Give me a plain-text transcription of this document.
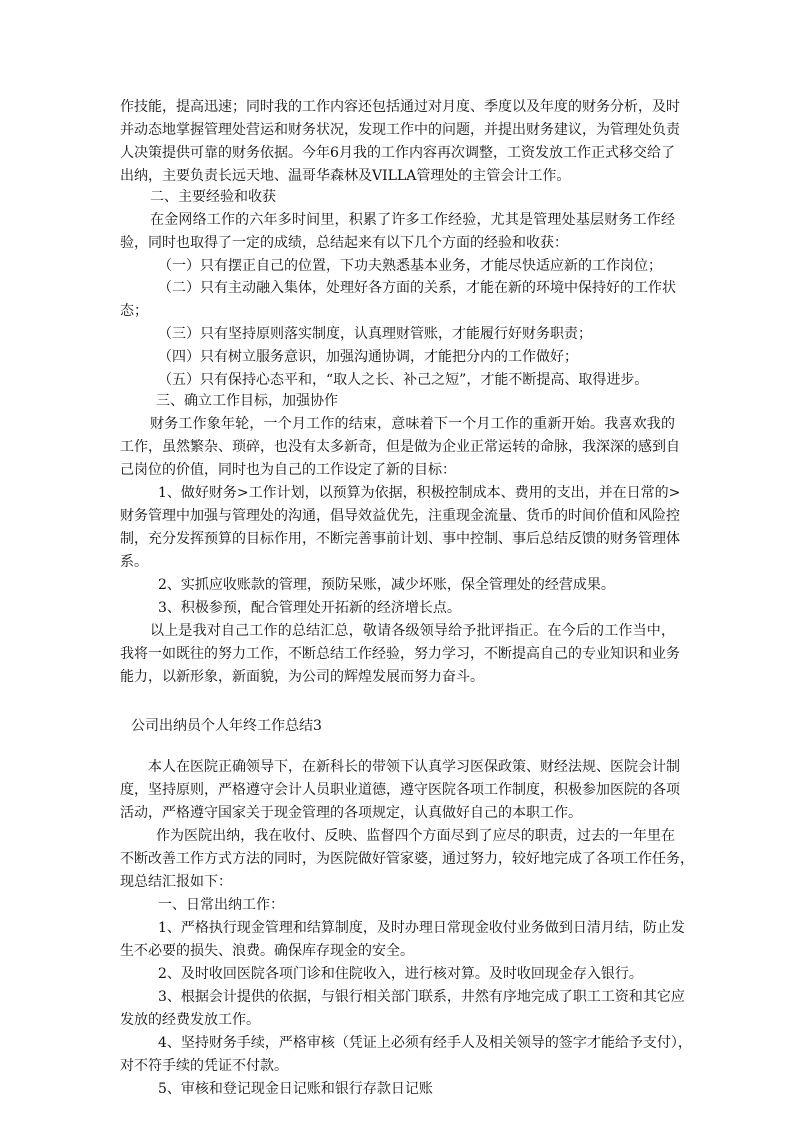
作技能，提高迅速；同时我的工作内容还包括通过对月度、季度以及年度的财务分析，及时
并动态地掌握管理处营运和财务状况，发现工作中的问题，并提出财务建议，为管理处负责
人决策提供可靠的财务依据。今年6月我的工作内容再次调整，工资发放工作正式移交给了
出纳，主要负责长远天地、温哥华森林及VILLA管理处的主管会计工作。
二、主要经验和收获
在金网络工作的六年多时间里，积累了许多工作经验，尤其是管理处基层财务工作经
验，同时也取得了一定的成绩，总结起来有以下几个方面的经验和收获：
（一）只有摆正自己的位置，下功夫熟悉基本业务，才能尽快适应新的工作岗位；
（二）只有主动融入集体，处理好各方面的关系，才能在新的环境中保持好的工作状
态；
（三）只有坚持原则落实制度，认真理财管账，才能履行好财务职责；
（四）只有树立服务意识，加强沟通协调，才能把分内的工作做好；
（五）只有保持心态平和，“取人之长、补己之短”，才能不断提高、取得进步。
三、确立工作目标，加强协作
财务工作象年轮，一个月工作的结束，意味着下一个月工作的重新开始。我喜欢我的
工作，虽然繁杂、琐碎，也没有太多新奇，但是做为企业正常运转的命脉，我深深的感到自
己岗位的价值，同时也为自己的工作设定了新的目标：
1、做好财务>工作计划，以预算为依据，积极控制成本、费用的支出，并在日常的>
财务管理中加强与管理处的沟通，倡导效益优先，注重现金流量、货币的时间价值和风险控
制，充分发挥预算的目标作用，不断完善事前计划、事中控制、事后总结反馈的财务管理体
系。
2、实抓应收账款的管理，预防呆账，减少坏账，保全管理处的经营成果。
3、积极参预，配合管理处开拓新的经济增长点。
以上是我对自己工作的总结汇总，敬请各级领导给予批评指正。在今后的工作当中，
我将一如既往的努力工作，不断总结工作经验，努力学习，不断提高自己的专业知识和业务
能力，以新形象，新面貌，为公司的辉煌发展而努力奋斗。
公司出纳员个人年终工作总结3
本人在医院正确领导下，在新科长的带领下认真学习医保政策、财经法规、医院会计制
度，坚持原则，严格遵守会计人员职业道德，遵守医院各项工作制度，积极参加医院的各项
活动，严格遵守国家关于现金管理的各项规定，认真做好自己的本职工作。
作为医院出纳，我在收付、反映、监督四个方面尽到了应尽的职责，过去的一年里在
不断改善工作方式方法的同时，为医院做好管家婆，通过努力，较好地完成了各项工作任务，
现总结汇报如下：
一、日常出纳工作：
1、严格执行现金管理和结算制度，及时办理日常现金收付业务做到日清月结，防止发
生不必要的损失、浪费。确保库存现金的安全。
2、及时收回医院各项门诊和住院收入，进行核对算。及时收回现金存入银行。
3、根据会计提供的依据，与银行相关部门联系，井然有序地完成了职工工资和其它应
发放的经费发放工作。
4、坚持财务手续，严格审核（凭证上必须有经手人及相关领导的签字才能给予支付），
对不符手续的凭证不付款。
5、审核和登记现金日记账和银行存款日记账
